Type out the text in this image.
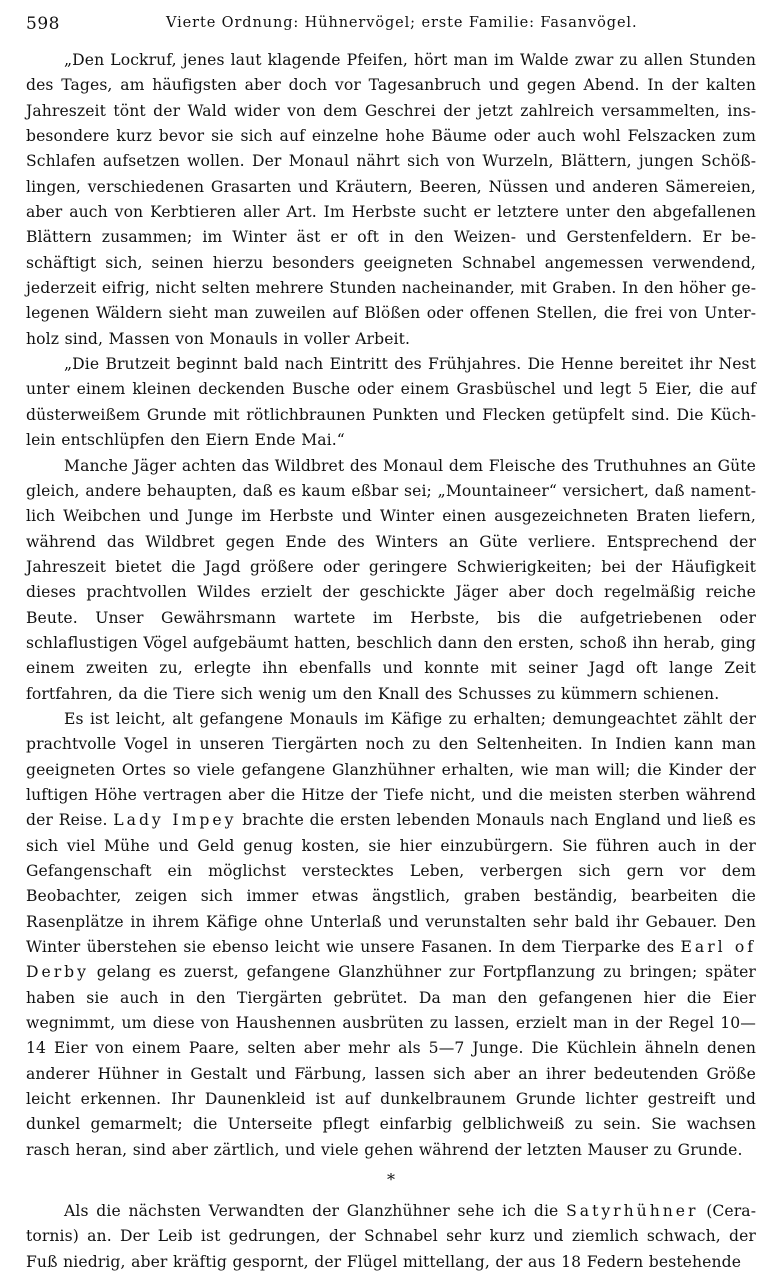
598	Vierte Ordnung: Hühnervögel; erste Familie: Fasanvögel.

„Den Lockruf, jenes laut klagende Pfeifen, hört man im Walde zwar zu allen Stunden des Tages, am häufigsten aber doch vor Tagesanbruch und gegen Abend. In der kalten Jahreszeit tönt der Wald wider von dem Geschrei der jetzt zahlreich versammelten, insbesondere kurz bevor sie sich auf einzelne hohe Bäume oder auch wohl Felszacken zum Schlafen aufsetzen wollen. Der Monaul nährt sich von Wurzeln, Blättern, jungen Schößlingen, verschiedenen Grasarten und Kräutern, Beeren, Nüssen und anderen Sämereien, aber auch von Kerbtieren aller Art. Im Herbste sucht er letztere unter den abgefallenen Blättern zusammen; im Winter äst er oft in den Weizen- und Gerstenfeldern. Er beschäftigt sich, seinen hierzu besonders geeigneten Schnabel angemessen verwendend, jederzeit eifrig, nicht selten mehrere Stunden nacheinander, mit Graben. In den höher gelegenen Wäldern sieht man zuweilen auf Blößen oder offenen Stellen, die frei von Unterholz sind, Massen von Monauls in voller Arbeit.

„Die Brutzeit beginnt bald nach Eintritt des Frühjahres. Die Henne bereitet ihr Nest unter einem kleinen deckenden Busche oder einem Grasbüschel und legt 5 Eier, die auf düsterweißem Grunde mit rötlichbraunen Punkten und Flecken getüpfelt sind. Die Küchlein entschlüpfen den Eiern Ende Mai.“

Manche Jäger achten das Wildbret des Monaul dem Fleische des Truthuhnes an Güte gleich, andere behaupten, daß es kaum eßbar sei; „Mountaineer“ versichert, daß namentlich Weibchen und Junge im Herbste und Winter einen ausgezeichneten Braten liefern, während das Wildbret gegen Ende des Winters an Güte verliere. Entsprechend der Jahreszeit bietet die Jagd größere oder geringere Schwierigkeiten; bei der Häufigkeit dieses prachtvollen Wildes erzielt der geschickte Jäger aber doch regelmäßig reiche Beute. Unser Gewährsmann wartete im Herbste, bis die aufgetriebenen oder schlaflustigen Vögel aufgebäumt hatten, beschlich dann den ersten, schoß ihn herab, ging einem zweiten zu, erlegte ihn ebenfalls und konnte mit seiner Jagd oft lange Zeit fortfahren, da die Tiere sich wenig um den Knall des Schusses zu kümmern schienen.

Es ist leicht, alt gefangene Monauls im Käfige zu erhalten; demungeachtet zählt der prachtvolle Vogel in unseren Tiergärten noch zu den Seltenheiten. In Indien kann man geeigneten Ortes so viele gefangene Glanzhühner erhalten, wie man will; die Kinder der luftigen Höhe vertragen aber die Hitze der Tiefe nicht, und die meisten sterben während der Reise. Lady Impey brachte die ersten lebenden Monauls nach England und ließ es sich viel Mühe und Geld genug kosten, sie hier einzubürgern. Sie führen auch in der Gefangenschaft ein möglichst verstecktes Leben, verbergen sich gern vor dem Beobachter, zeigen sich immer etwas ängstlich, graben beständig, bearbeiten die Rasenplätze in ihrem Käfige ohne Unterlaß und verunstalten sehr bald ihr Gebauer. Den Winter überstehen sie ebenso leicht wie unsere Fasanen. In dem Tierparke des Earl of Derby gelang es zuerst, gefangene Glanzhühner zur Fortpflanzung zu bringen; später haben sie auch in den Tiergärten gebrütet. Da man den gefangenen hier die Eier wegnimmt, um diese von Haushennen ausbrüten zu lassen, erzielt man in der Regel 10—14 Eier von einem Paare, selten aber mehr als 5—7 Junge. Die Küchlein ähneln denen anderer Hühner in Gestalt und Färbung, lassen sich aber an ihrer bedeutenden Größe leicht erkennen. Ihr Daunenkleid ist auf dunkelbraunem Grunde lichter gestreift und dunkel gemarmelt; die Unterseite pflegt einfarbig gelblichweiß zu sein. Sie wachsen rasch heran, sind aber zärtlich, und viele gehen während der letzten Mauser zu Grunde.

*

Als die nächsten Verwandten der Glanzhühner sehe ich die Satyrhühner (Ceratornis) an. Der Leib ist gedrungen, der Schnabel sehr kurz und ziemlich schwach, der Fuß niedrig, aber kräftig gespornt, der Flügel mittellang, der aus 18 Federn bestehende
